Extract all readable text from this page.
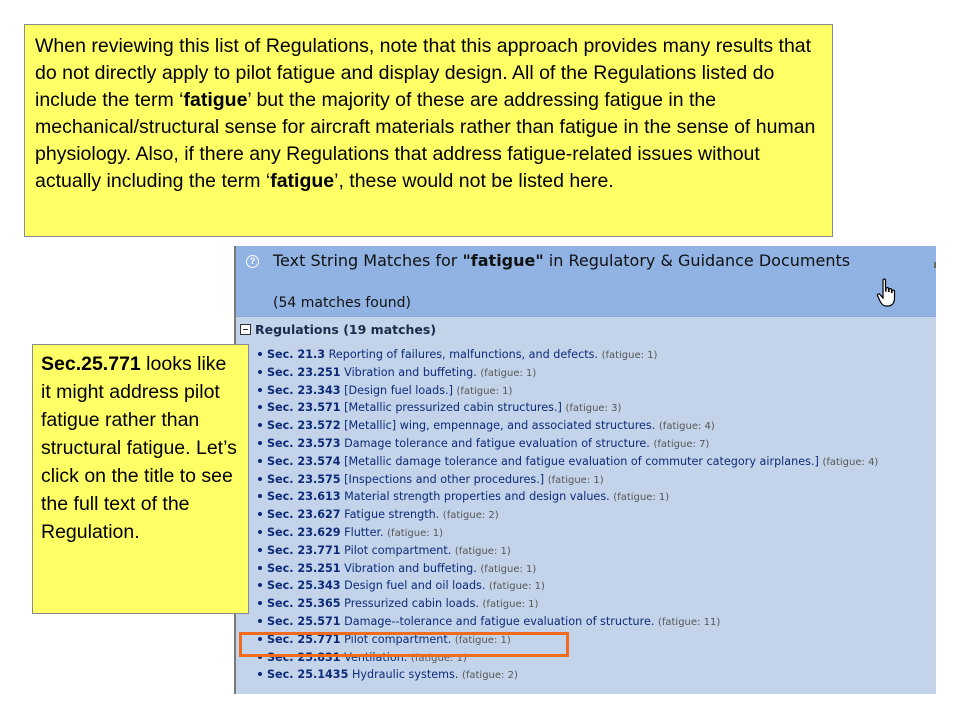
When reviewing this list of Regulations, note that this approach provides many results that do not directly apply to pilot fatigue and display design. All of the Regulations listed do include the term ‘fatigue’ but the majority of these are addressing fatigue in the mechanical/structural sense for aircraft materials rather than fatigue in the sense of human physiology. Also, if there any Regulations that address fatigue-related issues without actually including the term ‘fatigue’, these would not be listed here.

? Text String Matches for "fatigue" in Regulatory & Guidance Documents
(54 matches found)
Regulations (19 matches)
Sec. 21.3 Reporting of failures, malfunctions, and defects. (fatigue: 1)
Sec. 23.251 Vibration and buffeting. (fatigue: 1)
Sec. 23.343 [Design fuel loads.] (fatigue: 1)
Sec. 23.571 [Metallic pressurized cabin structures.] (fatigue: 3)
Sec. 23.572 [Metallic] wing, empennage, and associated structures. (fatigue: 4)
Sec. 23.573 Damage tolerance and fatigue evaluation of structure. (fatigue: 7)
Sec. 23.574 [Metallic damage tolerance and fatigue evaluation of commuter category airplanes.] (fatigue: 4)
Sec. 23.575 [Inspections and other procedures.] (fatigue: 1)
Sec. 23.613 Material strength properties and design values. (fatigue: 1)
Sec. 23.627 Fatigue strength. (fatigue: 2)
Sec. 23.629 Flutter. (fatigue: 1)
Sec. 23.771 Pilot compartment. (fatigue: 1)
Sec. 25.251 Vibration and buffeting. (fatigue: 1)
Sec. 25.343 Design fuel and oil loads. (fatigue: 1)
Sec. 25.365 Pressurized cabin loads. (fatigue: 1)
Sec. 25.571 Damage--tolerance and fatigue evaluation of structure. (fatigue: 11)
Sec. 25.771 Pilot compartment. (fatigue: 1)
Sec. 25.831 Ventilation. (fatigue: 1)
Sec. 25.1435 Hydraulic systems. (fatigue: 2)

Sec.25.771 looks like it might address pilot fatigue rather than structural fatigue. Let’s click on the title to see the full text of the Regulation.
